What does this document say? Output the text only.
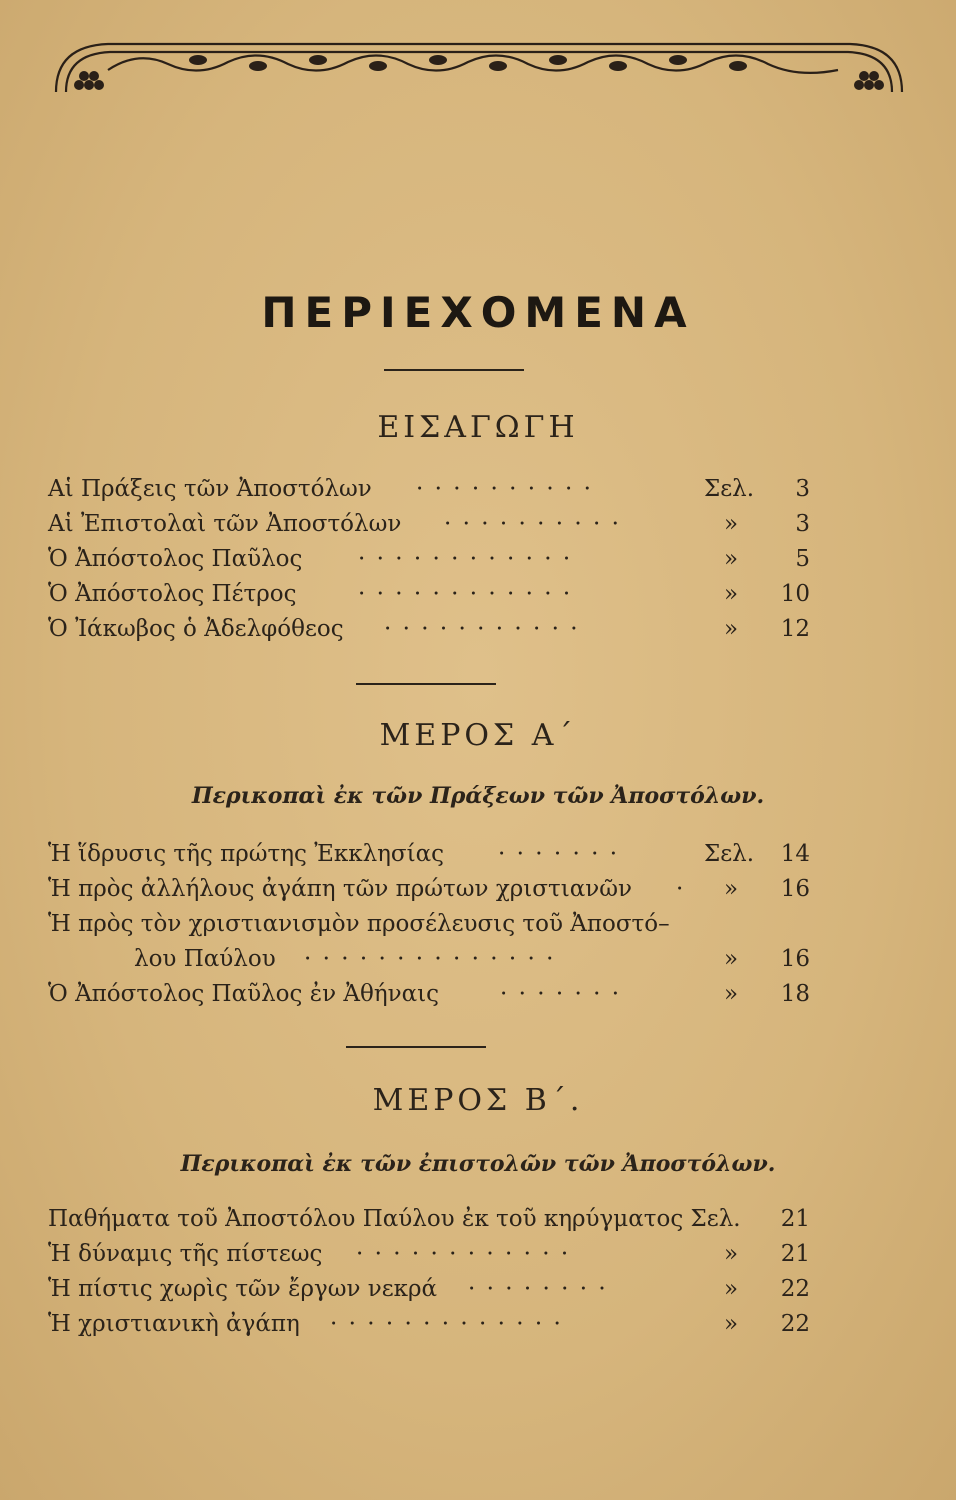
ΠΕΡΙΕΧΟΜΕΝΑ
ΕΙΣΑΓΩΓΗ
Αἱ Πράξεις τῶν Ἀποστόλων · · · · · · · · · ·	Σελ. 3
Αἱ Ἐπιστολαὶ τῶν Ἀποστόλων · · · · · · · · · ·	» 3
Ὁ Ἀπόστολος Παῦλος · · · · · · · · · · · ·	» 5
Ὁ Ἀπόστολος Πέτρος	· · · · · · · · · · · ·	» 10
Ὁ Ἰάκωβος ὁ Ἀδελφόθεος · · · · · · · · · · ·	» 12
ΜΕΡΟΣ Α΄
Περικοπαὶ ἐκ τῶν Πράξεων τῶν Ἀποστόλων.
Ἡ ἵδρυσις τῆς πρώτης Ἐκκλησίας · · · · · · ·	Σελ. 14
Ἡ πρὸς ἀλλήλους ἀγάπη τῶν πρώτων χριστιανῶν · » 16
Ἡ πρὸς τὸν χριστιανισμὸν προσέλευσις τοῦ Ἀποστό–
λου Παύλου · · · · · · · · · · · · · ·	» 16
Ὁ Ἀπόστολος Παῦλος ἐν Ἀθήναις	· · · · · · ·	» 18
ΜΕΡΟΣ Β΄.
Περικοπαὶ ἐκ τῶν ἐπιστολῶν τῶν Ἀποστόλων.
Παθήματα τοῦ Ἀποστόλου Παύλου ἐκ τοῦ κηρύγματος Σελ. 21
Ἡ δύναμις τῆς πίστεως · · · · · · · · · · · ·	» 21
Ἡ πίστις χωρὶς τῶν ἔργων νεκρά · · · · · · · ·	» 22
Ἡ χριστιανικὴ ἀγάπη · · · · · · · · · · · · ·	» 22
